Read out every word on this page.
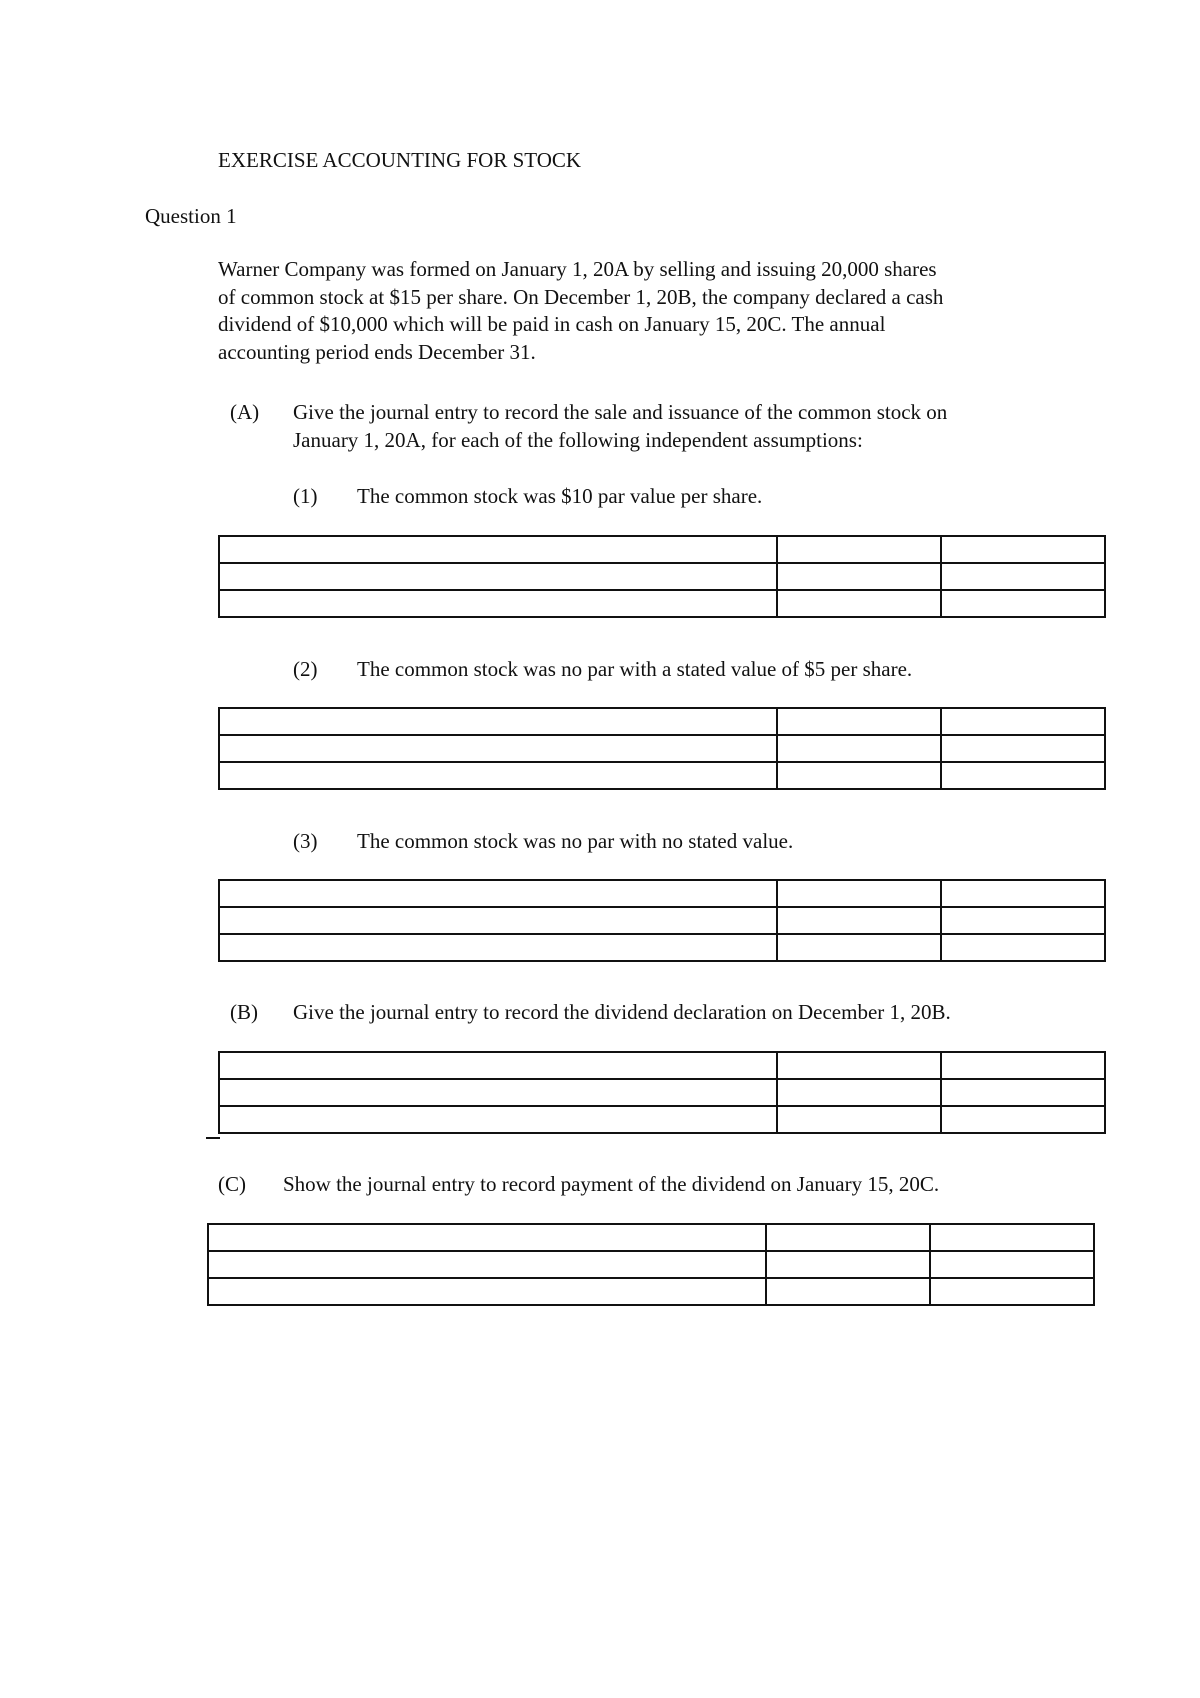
EXERCISE ACCOUNTING FOR STOCK
Question 1
Warner Company was formed on January 1, 20A by selling and issuing 20,000 shares
of common stock at $15 per share. On December 1, 20B, the company declared a cash
dividend of $10,000 which will be paid in cash on January 15, 20C. The annual
accounting period ends December 31.
(A) Give the journal entry to record the sale and issuance of the common stock on
January 1, 20A, for each of the following independent assumptions:
(1) The common stock was $10 par value per share.

(2) The common stock was no par with a stated value of $5 per share.

(3) The common stock was no par with no stated value.

(B) Give the journal entry to record the dividend declaration on December 1, 20B.

(C) Show the journal entry to record payment of the dividend on January 15, 20C.
